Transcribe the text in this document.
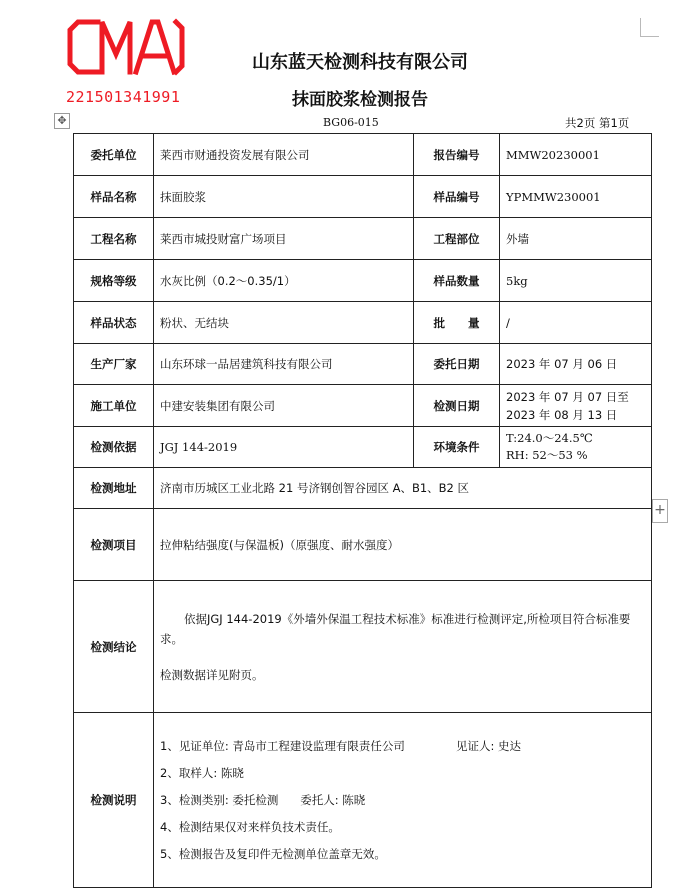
221501341991
山东蓝天检测科技有限公司
抹面胶浆检测报告
✥	BG06-015	共2页 第1页
委托单位	莱西市财通投资发展有限公司	报告编号	MMW20230001
样品名称	抹面胶浆	样品编号	YPMMW230001
工程名称	莱西市城投财富广场项目	工程部位	外墙
规格等级	水灰比例（0.2～0.35/1）	样品数量	5kg
样品状态	粉状、无结块	批　　量	/
生产厂家	山东环球一品居建筑科技有限公司	委托日期	2023 年 07 月 06 日
施工单位	中建安装集团有限公司	检测日期	2023 年 07 月 07 日至
2023 年 08 月 13 日

检测依据	JGJ 144-2019	环境条件	T:24.0～24.5℃
RH: 52～53 %

检测地址	济南市历城区工业北路 21 号济钢创智谷园区 A、B1、B2 区		
检测项目	拉伸粘结强度(与保温板)（原强度、耐水强度）		
检测结论	依据JGJ 144-2019《外墙外保温工程技术标准》标准进行检测评定,所检项目符合标准要求。

检测数据详见附页。		

检测说明	1、见证单位: 青岛市工程建设监理有限责任公司              见证人: 史达
2、取样人: 陈晓
3、检测类别: 委托检测      委托人: 陈晓
4、检测结果仅对来样负技术责任。
5、检测报告及复印件无检测单位盖章无效。		
+
